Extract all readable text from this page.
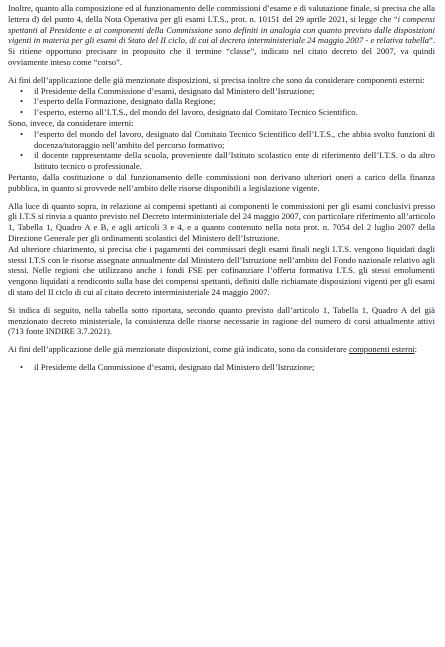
Inoltre, quanto alla composizione ed al funzionamento delle commissioni d’esame e di valutazione finale, si precisa che alla lettera d) del punto 4, della Nota Operativa per gli esami I.T.S., prot. n. 10151 del 29 aprile 2021, si legge che “i compensi spettanti al Presidente e ai componenti della Commissione sono definiti in analogia con quanto previsto dalle disposizioni vigenti in materia per gli esami di Stato del II ciclo, di cui al decreto interministeriale 24 maggio 2007 - e relativa tabella”. Si ritiene opportuno precisare in proposito che il termine “classe”, indicato nel citato decreto del 2007, va quindi ovviamente inteso come “corso”.

Ai fini dell’applicazione delle già menzionate disposizioni, si precisa inoltre che sono da considerare componenti esterni:

• il Presidente della Commissione d’esami, designato dal Ministero dell’Istruzione;
• l’esperto della Formazione, designato dalla Regione;
• l’esperto, esterno all’I.T.S., del mondo del lavoro, designato dal Comitato Tecnico Scientifico.

Sono, invece, da considerare interni:

• l’esperto del mondo del lavoro, designato dal Comitato Tecnico Scientifico dell’I.T.S., che abbia svolto funzioni di docenza/tutoraggio nell’ambito del percorso formativo;
• il docente rappresentante della scuola, proveniente dall’Istituto scolastico ente di riferimento dell’I.T.S. o da altro Istituto tecnico o professionale.

Pertanto, dalla costituzione o dal funzionamento delle commissioni non derivano ulteriori oneri a carico della finanza pubblica, in quanto si provvede nell’ambito delle risorse disponibili a legislazione vigente.

Alla luce di quanto sopra, in relazione ai compensi spettanti ai componenti le commissioni per gli esami conclusivi presso gli I.T.S si rinvia a quanto previsto nel Decreto interministeriale del 24 maggio 2007, con particolare riferimento all’articolo 1, Tabella 1, Quadro A e B, e agli articoli 3 e 4, e a quanto contenuto nella nota prot. n. 7054 del 2 luglio 2007 della Direzione Generale per gli ordinamenti scolastici del Ministero dell’Istruzione.

Ad ulteriore chiarimento, si precisa che i pagamenti dei commissari degli esami finali negli I.T.S. vengono liquidati dagli stessi I.T.S con le risorse assegnate annualmente dal Ministero dell’Istruzione nell’ambito del Fondo nazionale relativo agli stessi. Nelle regioni che utilizzano anche i fondi FSE per cofinanziare l’offerta formativa I.T.S. gli stessi emolumenti vengono liquidati a rendiconto sulla base dei compensi spettanti, definiti dalle richiamate disposizioni vigenti per gli esami di stato del II ciclo di cui al citato decreto interministeriale 24 maggio 2007.

Si indica di seguito, nella tabella sotto riportata, secondo quanto previsto dall’articolo 1, Tabella 1, Quadro A del già menzionato decreto ministeriale, la consistenza delle risorse necessarie in ragione del numero di corsi attualmente attivi (713 fonte INDIRE 3.7.2021).

Ai fini dell’applicazione delle già menzionate disposizioni, come già indicato, sono da considerare componenti esterni:

• il Presidente della Commissione d’esami, designato dal Ministero dell’Istruzione;
